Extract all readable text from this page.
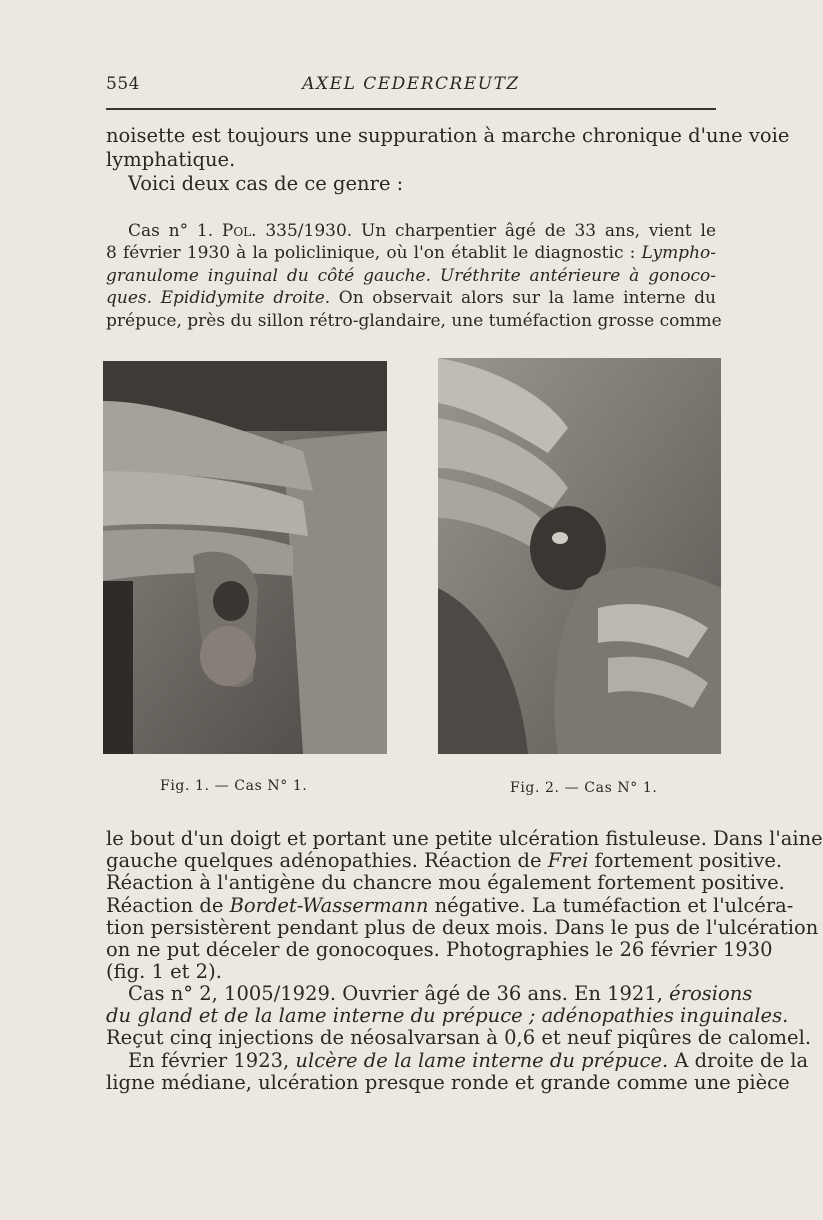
554	AXEL CEDERCREUTZ
noisette est toujours une suppuration à marche chronique d'une voie
lymphatique.
Voici deux cas de ce genre :
Cas n° 1. Pol. 335/1930. Un charpentier âgé de 33 ans, vient le
8 février 1930 à la policlinique, où l'on établit le diagnostic : Lympho-
granulome inguinal du côté gauche. Uréthrite antérieure à gonoco-
ques. Epididymite droite. On observait alors sur la lame interne du
prépuce, près du sillon rétro-glandaire, une tuméfaction grosse comme
Fig. 1. — Cas N° 1.	Fig. 2. — Cas N° 1.
le bout d'un doigt et portant une petite ulcération fistuleuse. Dans l'aine
gauche quelques adénopathies. Réaction de Frei fortement positive.
Réaction à l'antigène du chancre mou également fortement positive.
Réaction de Bordet-Wassermann négative. La tuméfaction et l'ulcéra-
tion persistèrent pendant plus de deux mois. Dans le pus de l'ulcération
on ne put déceler de gonocoques. Photographies le 26 février 1930
(fig. 1 et 2).
Cas n° 2, 1005/1929. Ouvrier âgé de 36 ans. En 1921, érosions
du gland et de la lame interne du prépuce ; adénopathies inguinales.
Reçut cinq injections de néosalvarsan à 0,6 et neuf piqûres de calomel.
En février 1923, ulcère de la lame interne du prépuce. A droite de la
ligne médiane, ulcération presque ronde et grande comme une pièce
